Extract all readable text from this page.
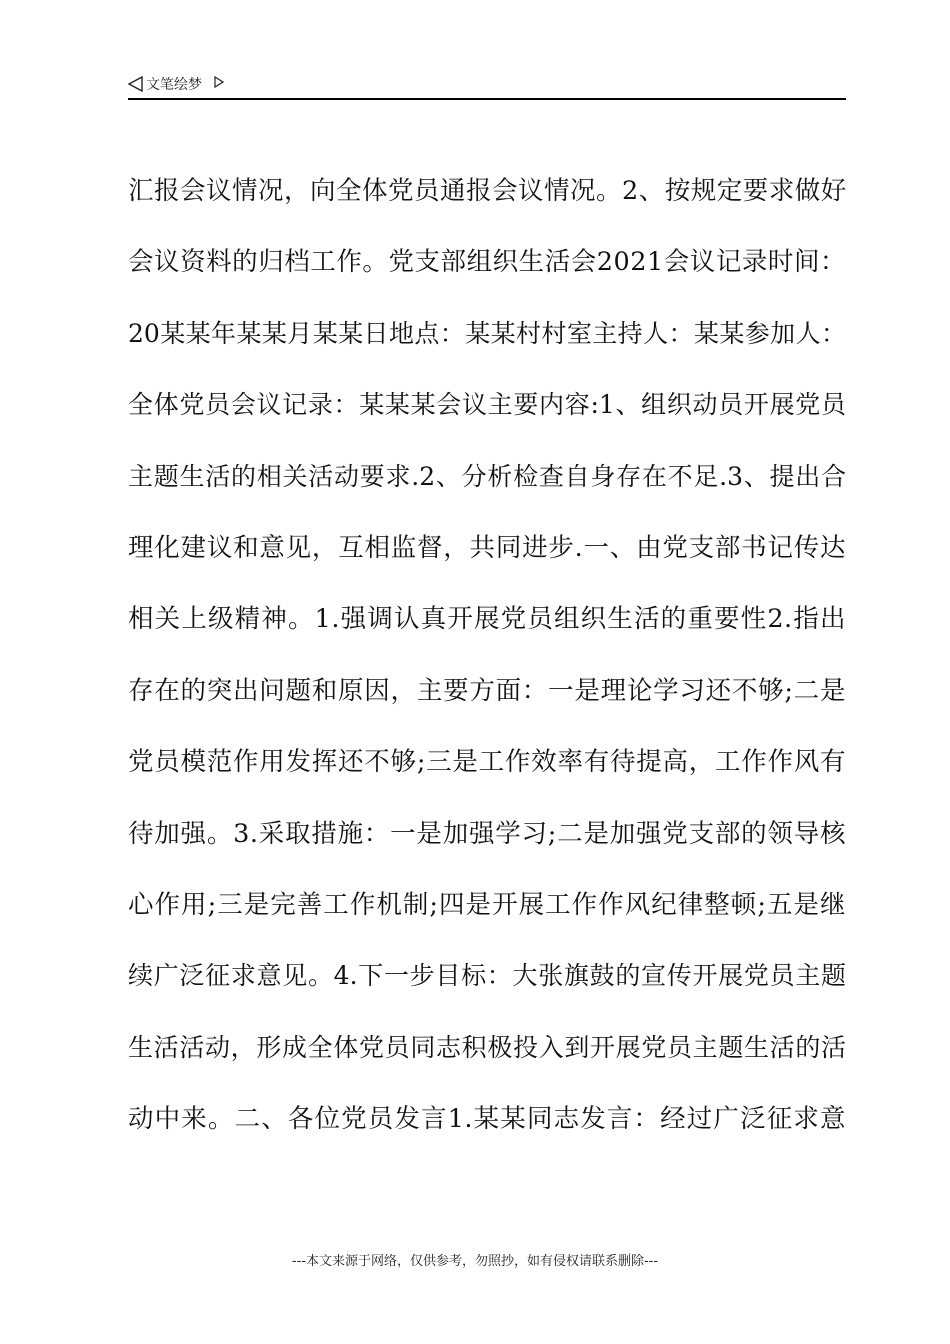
文笔绘梦
汇报会议情况，向全体党员通报会议情况。2、按规定要求做好
会议资料的归档工作。党支部组织生活会2021会议记录时间：
20某某年某某月某某日地点：某某村村室主持人：某某参加人：
全体党员会议记录：某某某会议主要内容:1、组织动员开展党员
主题生活的相关活动要求.2、分析检查自身存在不足.3、提出合
理化建议和意见，互相监督，共同进步.一、由党支部书记传达
相关上级精神。1.强调认真开展党员组织生活的重要性2.指出
存在的突出问题和原因，主要方面：一是理论学习还不够;二是
党员模范作用发挥还不够;三是工作效率有待提高，工作作风有
待加强。3.采取措施：一是加强学习;二是加强党支部的领导核
心作用;三是完善工作机制;四是开展工作作风纪律整顿;五是继
续广泛征求意见。4.下一步目标：大张旗鼓的宣传开展党员主题
生活活动，形成全体党员同志积极投入到开展党员主题生活的活
动中来。二、各位党员发言1.某某同志发言：经过广泛征求意
---本文来源于网络，仅供参考，勿照抄，如有侵权请联系删除---
